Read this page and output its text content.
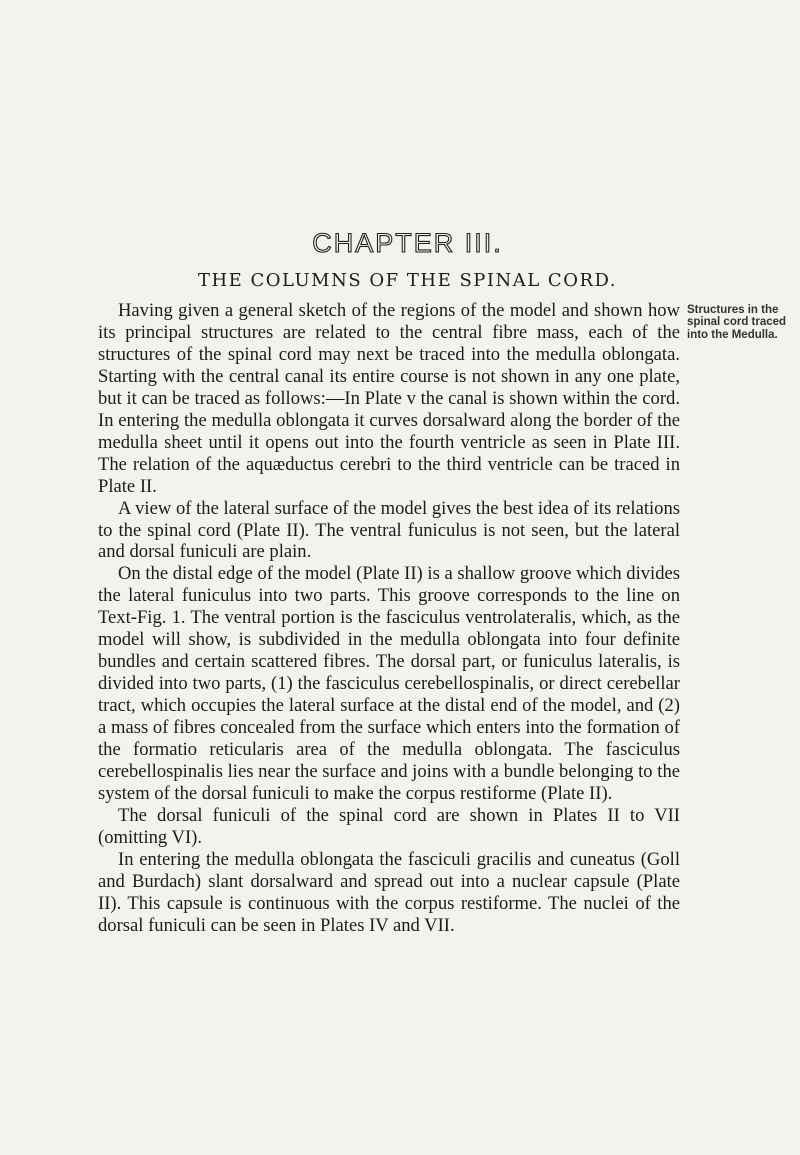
CHAPTER III.
THE COLUMNS OF THE SPINAL CORD.

Having given a general sketch of the regions of the model and shown how its principal structures are related to the central fibre mass, each of the structures of the spinal cord may next be traced into the medulla oblongata. Starting with the central canal its entire course is not shown in any one plate, but it can be traced as follows:—In Plate v the canal is shown within the cord. In entering the medulla oblongata it curves dorsalward along the border of the medulla sheet until it opens out into the fourth ventricle as seen in Plate III. The relation of the aquæductus cerebri to the third ventricle can be traced in Plate II.

A view of the lateral surface of the model gives the best idea of its relations to the spinal cord (Plate II). The ventral funiculus is not seen, but the lateral and dorsal funiculi are plain.

On the distal edge of the model (Plate II) is a shallow groove which divides the lateral funiculus into two parts. This groove corresponds to the line on Text-Fig. 1. The ventral portion is the fasciculus ventrolateralis, which, as the model will show, is subdivided in the medulla oblongata into four definite bundles and certain scattered fibres. The dorsal part, or funiculus lateralis, is divided into two parts, (1) the fasciculus cerebellospinalis, or direct cerebellar tract, which occupies the lateral surface at the distal end of the model, and (2) a mass of fibres concealed from the surface which enters into the formation of the formatio reticularis area of the medulla oblongata. The fasciculus cerebellospinalis lies near the surface and joins with a bundle belonging to the system of the dorsal funiculi to make the corpus restiforme (Plate II).

The dorsal funiculi of the spinal cord are shown in Plates II to VII (omitting VI).

In entering the medulla oblongata the fasciculi gracilis and cuneatus (Goll and Burdach) slant dorsalward and spread out into a nuclear capsule (Plate II). This capsule is continuous with the corpus restiforme. The nuclei of the dorsal funiculi can be seen in Plates IV and VII.

Structures in the spinal cord traced into the Medulla.
